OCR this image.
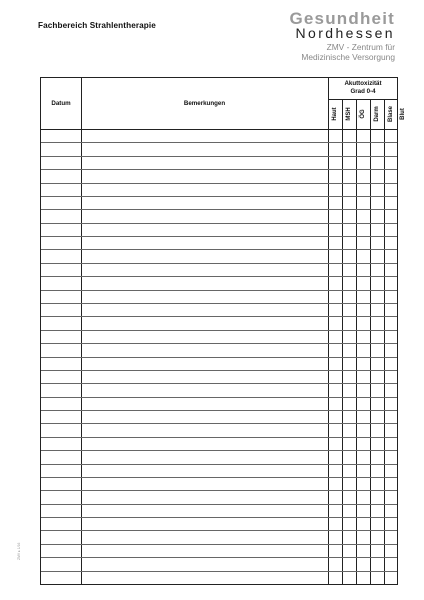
Fachbereich Strahlentherapie	Gesundheit
Nordhessen
ZMV - Zentrum für
Medizinische Versorgung
Datum	Bemerkungen
Akuttoxizität
Grad 0-4
Haut MSH ÖG Darm Blase Blut
ZMV ▸ 1/16
